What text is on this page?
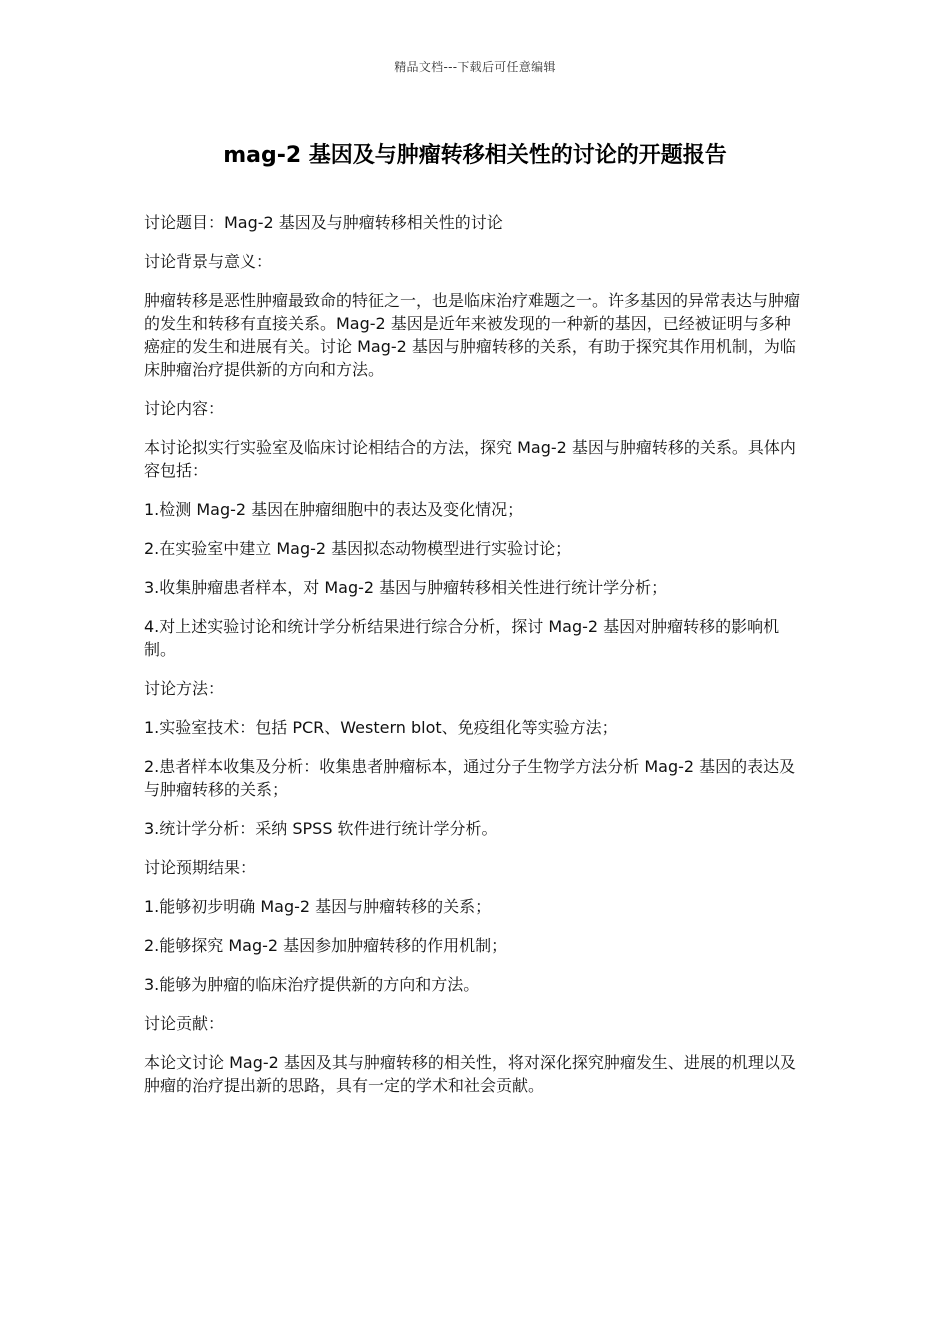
精品文档---下载后可任意编辑
mag-2 基因及与肿瘤转移相关性的讨论的开题报告

讨论题目：Mag-2 基因及与肿瘤转移相关性的讨论

讨论背景与意义：

肿瘤转移是恶性肿瘤最致命的特征之一，也是临床治疗难题之一。许多基因的异常表达与肿瘤的发生和转移有直接关系。Mag-2 基因是近年来被发现的一种新的基因，已经被证明与多种癌症的发生和进展有关。讨论 Mag-2 基因与肿瘤转移的关系，有助于探究其作用机制，为临床肿瘤治疗提供新的方向和方法。

讨论内容：

本讨论拟实行实验室及临床讨论相结合的方法，探究 Mag-2 基因与肿瘤转移的关系。具体内容包括：

1.检测 Mag-2 基因在肿瘤细胞中的表达及变化情况；

2.在实验室中建立 Mag-2 基因拟态动物模型进行实验讨论；

3.收集肿瘤患者样本，对 Mag-2 基因与肿瘤转移相关性进行统计学分析；

4.对上述实验讨论和统计学分析结果进行综合分析，探讨 Mag-2 基因对肿瘤转移的影响机制。

讨论方法：

1.实验室技术：包括 PCR、Western blot、免疫组化等实验方法；

2.患者样本收集及分析：收集患者肿瘤标本，通过分子生物学方法分析 Mag-2 基因的表达及与肿瘤转移的关系；

3.统计学分析：采纳 SPSS 软件进行统计学分析。

讨论预期结果：

1.能够初步明确 Mag-2 基因与肿瘤转移的关系；

2.能够探究 Mag-2 基因参加肿瘤转移的作用机制；

3.能够为肿瘤的临床治疗提供新的方向和方法。

讨论贡献：

本论文讨论 Mag-2 基因及其与肿瘤转移的相关性，将对深化探究肿瘤发生、进展的机理以及肿瘤的治疗提出新的思路，具有一定的学术和社会贡献。
